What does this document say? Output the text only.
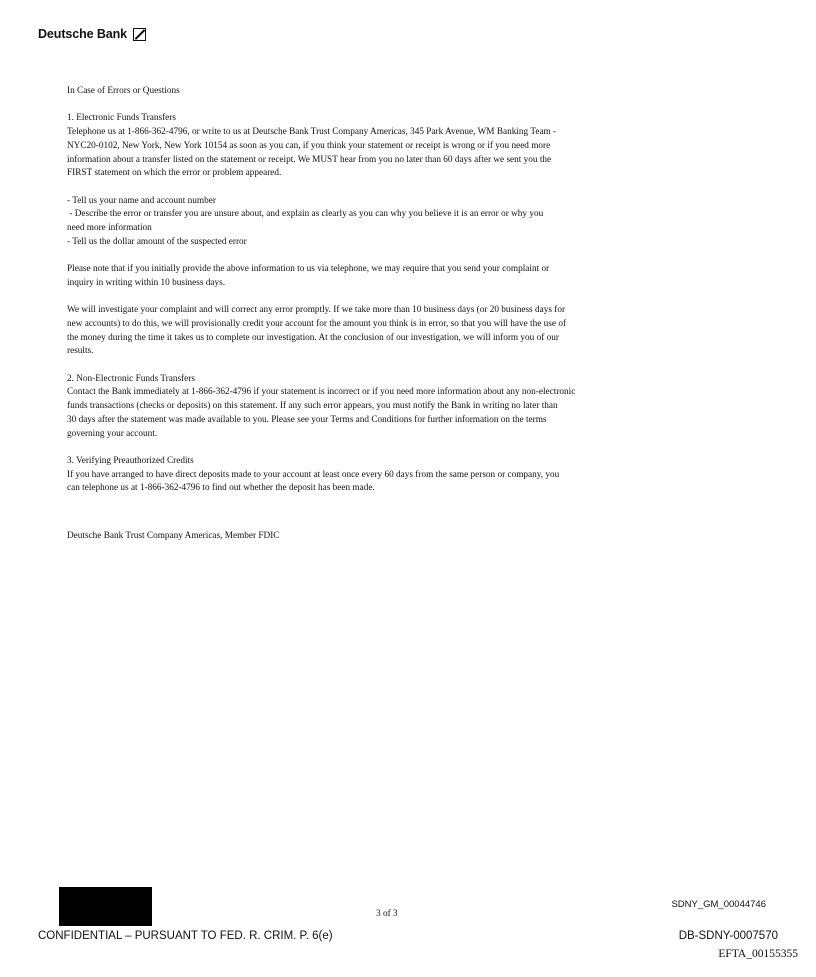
Deutsche Bank

In Case of Errors or Questions

1. Electronic Funds Transfers

Telephone us at 1-866-362-4796, or write to us at Deutsche Bank Trust Company Americas, 345 Park Avenue, WM Banking Team -

NYC20-0102, New York, New York 10154 as soon as you can, if you think your statement or receipt is wrong or if you need more

information about a transfer listed on the statement or receipt. We MUST hear from you no later than 60 days after we sent you the

FIRST statement on which the error or problem appeared.

- Tell us your name and account number

- Describe the error or transfer you are unsure about, and explain as clearly as you can why you believe it is an error or why you

need more information

- Tell us the dollar amount of the suspected error

Please note that if you initially provide the above information to us via telephone, we may require that you send your complaint or

inquiry in writing within 10 business days.

We will investigate your complaint and will correct any error promptly. If we take more than 10 business days (or 20 business days for

new accounts) to do this, we will provisionally credit your account for the amount you think is in error, so that you will have the use of

the money during the time it takes us to complete our investigation. At the conclusion of our investigation, we will inform you of our

results.

2. Non-Electronic Funds Transfers

Contact the Bank immediately at 1-866-362-4796 if your statement is incorrect or if you need more information about any non-electronic

funds transactions (checks or deposits) on this statement. If any such error appears, you must notify the Bank in writing no later than

30 days after the statement was made available to you. Please see your Terms and Conditions for further information on the terms

governing your account.

3. Verifying Preauthorized Credits

If you have arranged to have direct deposits made to your account at least once every 60 days from the same person or company, you

can telephone us at 1-866-362-4796 to find out whether the deposit has been made.

Deutsche Bank Trust Company Americas, Member FDIC

3 of 3
SDNY_GM_00044746
CONFIDENTIAL – PURSUANT TO FED. R. CRIM. P. 6(e)	DB-SDNY-0007570
EFTA_00155355
